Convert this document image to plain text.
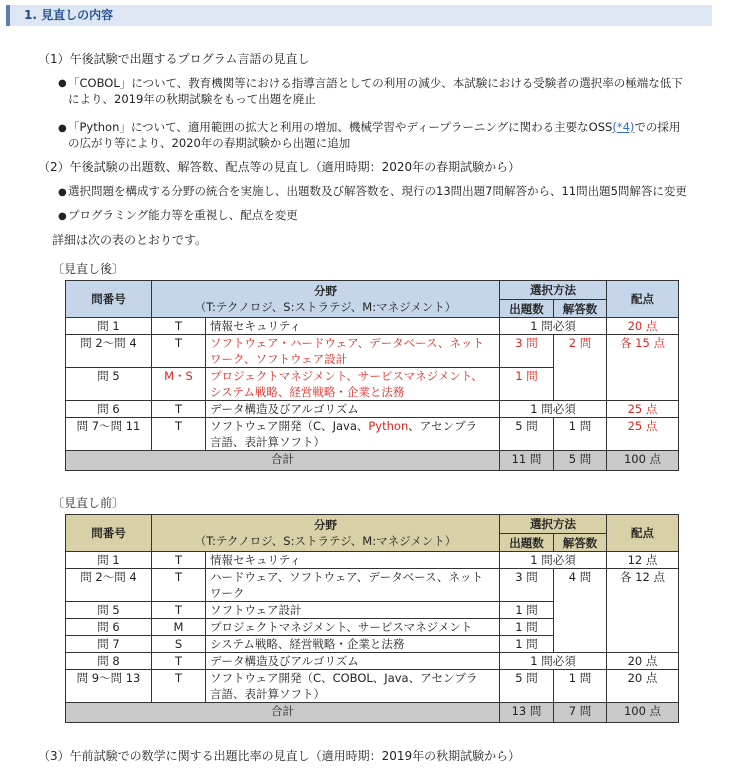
1. 見直しの内容
（1）午後試験で出題するプログラム言語の見直し
● 「COBOL」について、教育機関等における指導言語としての利用の減少、本試験における受験者の選択率の極端な低下
により、2019年の秋期試験をもって出題を廃止
● 「Python」について、適用範囲の拡大と利用の増加、機械学習やディープラーニングに関わる主要なOSS(*4)での採用
の広がり等により、2020年の春期試験から出題に追加
（2）午後試験の出題数、解答数、配点等の見直し（適用時期：2020年の春期試験から）
● 選択問題を構成する分野の統合を実施し、出題数及び解答数を、現行の13問出題7問解答から、11問出題5問解答に変更
● プログラミング能力等を重視し、配点を変更
詳細は次の表のとおりです。
〔見直し後〕
問番号	分野
（T:テクノロジ、S:ストラテジ、M:マネジメント）		選択方法		配点
			出題数	解答数	
問 1	T	情報セキュリティ	1 問必須		20 点
問 2～問 4	T	ソフトウェア・ハードウェア、データベース、ネット
ワーク、ソフトウェア設計	3 問	2 問	各 15 点
問 5	M・S	プロジェクトマネジメント、サービスマネジメント、
システム戦略、経営戦略・企業と法務	1 問		
問 6	T	データ構造及びアルゴリズム	1 問必須		25 点
問 7～問 11	T	ソフトウェア開発（C、Java、Python、アセンブラ
言語、表計算ソフト）	5 問	1 問	25 点
合計			11 問	5 問	100 点
〔見直し前〕
問番号	分野
（T:テクノロジ、S:ストラテジ、M:マネジメント）		選択方法		配点
			出題数	解答数	
問 1	T	情報セキュリティ	1 問必須		12 点
問 2～問 4	T	ハードウェア、ソフトウェア、データベース、ネット
ワーク	3 問	4 問	各 12 点
問 5	T	ソフトウェア設計	1 問		
問 6	M	プロジェクトマネジメント、サービスマネジメント	1 問		
問 7	S	システム戦略、経営戦略・企業と法務	1 問		
問 8	T	データ構造及びアルゴリズム	1 問必須		20 点
問 9～問 13	T	ソフトウェア開発（C、COBOL、Java、アセンブラ
言語、表計算ソフト）	5 問	1 問	20 点
合計			13 問	7 問	100 点
（3）午前試験での数学に関する出題比率の見直し（適用時期：2019年の秋期試験から）
